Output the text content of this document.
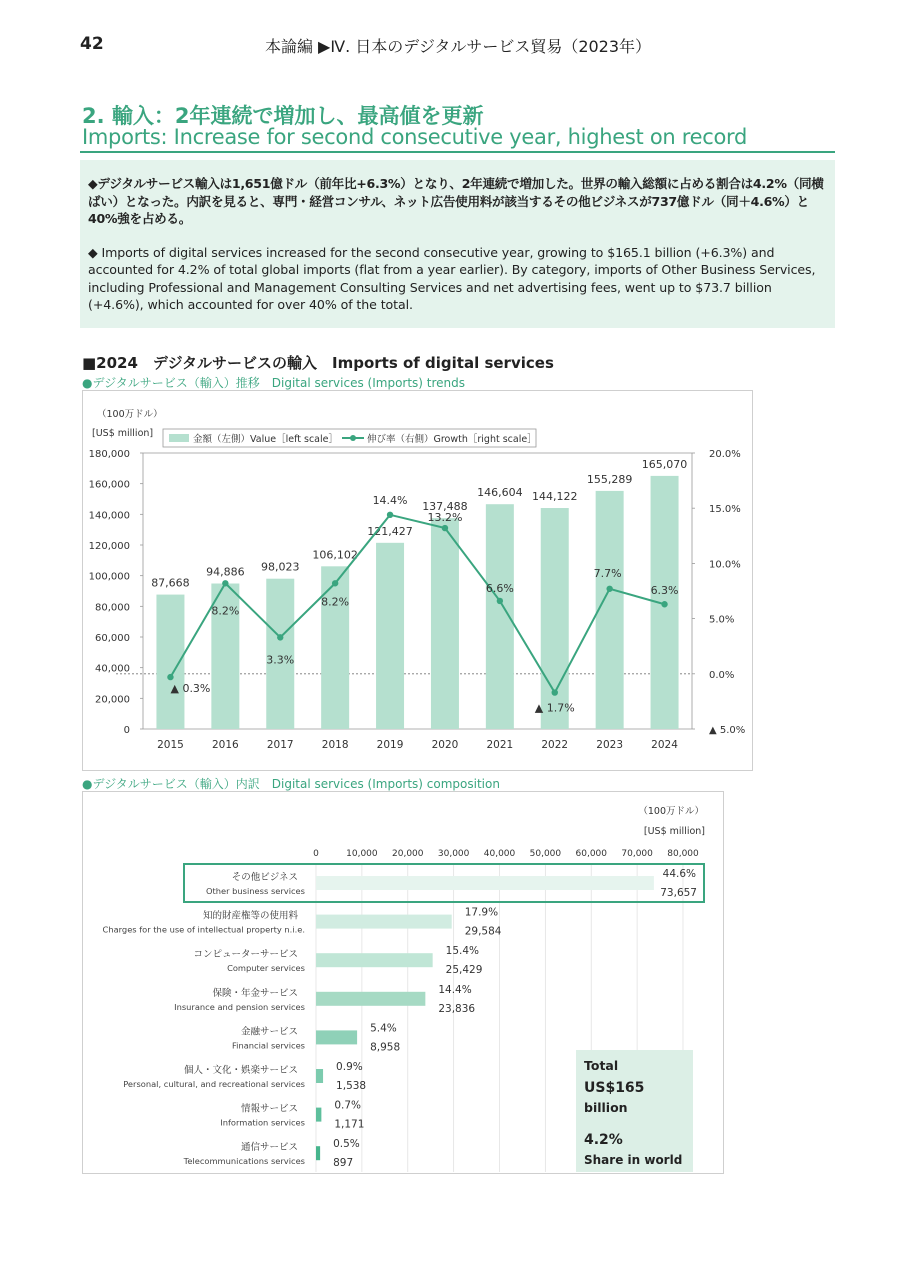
42	本論編 ▶Ⅳ. 日本のデジタルサービス貿易（2023年）
2. 輸入：2年連続で増加し、最高値を更新
Imports: Increase for second consecutive year, highest on record

◆デジタルサービス輸入は1,651億ドル（前年比+6.3%）となり、2年連続で増加した。世界の輸入総額に占める割合は4.2%（同横ばい）となった。内訳を見ると、専門・経営コンサル、ネット広告使用料が該当するその他ビジネスが737億ドル（同＋4.6%）と40%強を占める。

◆ Imports of digital services increased for the second consecutive year, growing to $165.1 billion (+6.3%) and accounted for 4.2% of total global imports (flat from a year earlier). By category, imports of Other Business Services, including Professional and Management Consulting Services and net advertising fees, went up to $73.7 billion (+4.6%), which accounted for over 40% of the total.

■2024　デジタルサービスの輸入　Imports of digital services
●デジタルサービス（輸入）推移　Digital services (Imports) trends
（100万ドル）
[US$ million]
金額（左側）Value［left scale］	伸び率（右側）Growth［right scale］
0
20,000
40,000
60,000
80,000
100,000
120,000
140,000
160,000
180,000
▲ 5.0%
0.0%
5.0%
10.0%
15.0%
20.0%
87,668
94,886 98,023
106,102
121,427
137,488
146,604 144,122
155,289
165,070
2015	2016	2017	2018	2019	2020	2021	2022	2023	2024
▲ 0.3%
8.2%
3.3%
8.2%
14.4%
13.2%
6.6%
▲ 1.7%
7.7%
6.3%
●デジタルサービス（輸入）内訳　Digital services (Imports) composition
（100万ドル）
[US$ million]
0	10,000 20,000 30,000 40,000 50,000 60,000 70,000 80,000
その他ビジネス
Other business services
知的財産権等の使用料
Charges for the use of intellectual property n.i.e.
コンピューターサービス
Computer services
保険・年金サービス
Insurance and pension services
金融サービス
Financial services
個人・文化・娯楽サービス
Personal, cultural, and recreational services
情報サービス
Information services
通信サービス
Telecommunications services
44.6%
17.9%
15.4%
14.4%
5.4%
0.9%
0.7%
0.5%
73,657
29,584
25,429
23,836
8,958
1,538
1,171
897
Total
US$165
billion
4.2%
Share in world
